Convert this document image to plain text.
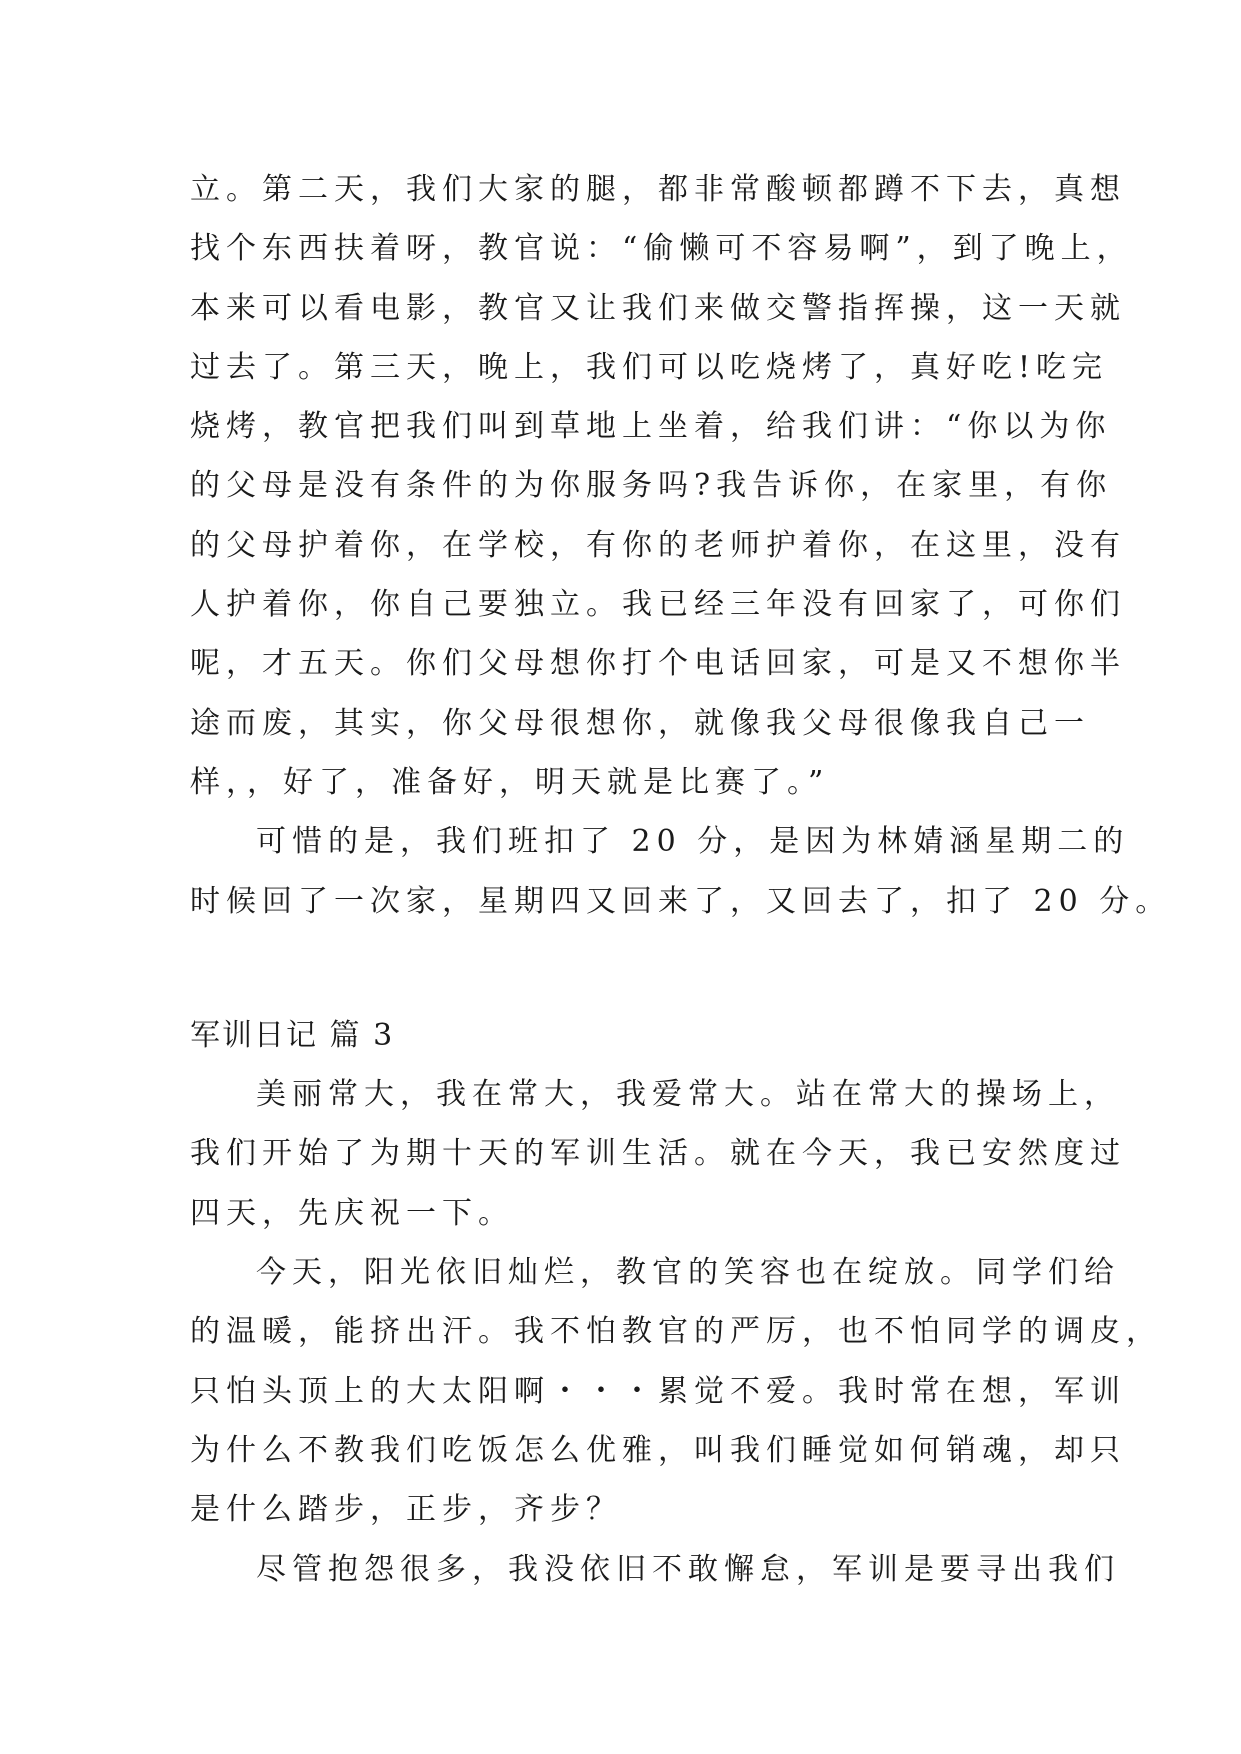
立。第二天，我们大家的腿，都非常酸顿都蹲不下去，真想
找个东西扶着呀，教官说：“偷懒可不容易啊”，到了晚上，
本来可以看电影，教官又让我们来做交警指挥操，这一天就
过去了。第三天，晚上，我们可以吃烧烤了，真好吃!吃完
烧烤，教官把我们叫到草地上坐着，给我们讲：“你以为你
的父母是没有条件的为你服务吗?我告诉你，在家里，有你
的父母护着你，在学校，有你的老师护着你，在这里，没有
人护着你，你自己要独立。我已经三年没有回家了，可你们
呢，才五天。你们父母想你打个电话回家，可是又不想你半
途而废，其实，你父母很想你，就像我父母很像我自己一
样，，好了，准备好，明天就是比赛了。”
可惜的是，我们班扣了 20 分，是因为林婧涵星期二的
时候回了一次家，星期四又回来了，又回去了，扣了 20 分。
军训日记 篇 3
美丽常大，我在常大，我爱常大。站在常大的操场上，
我们开始了为期十天的军训生活。就在今天，我已安然度过
四天，先庆祝一下。
今天，阳光依旧灿烂，教官的笑容也在绽放。同学们给
的温暖，能挤出汗。我不怕教官的严厉，也不怕同学的调皮，
只怕头顶上的大太阳啊・・・累觉不爱。我时常在想，军训
为什么不教我们吃饭怎么优雅，叫我们睡觉如何销魂，却只
是什么踏步，正步，齐步？
尽管抱怨很多，我没依旧不敢懈怠，军训是要寻出我们
